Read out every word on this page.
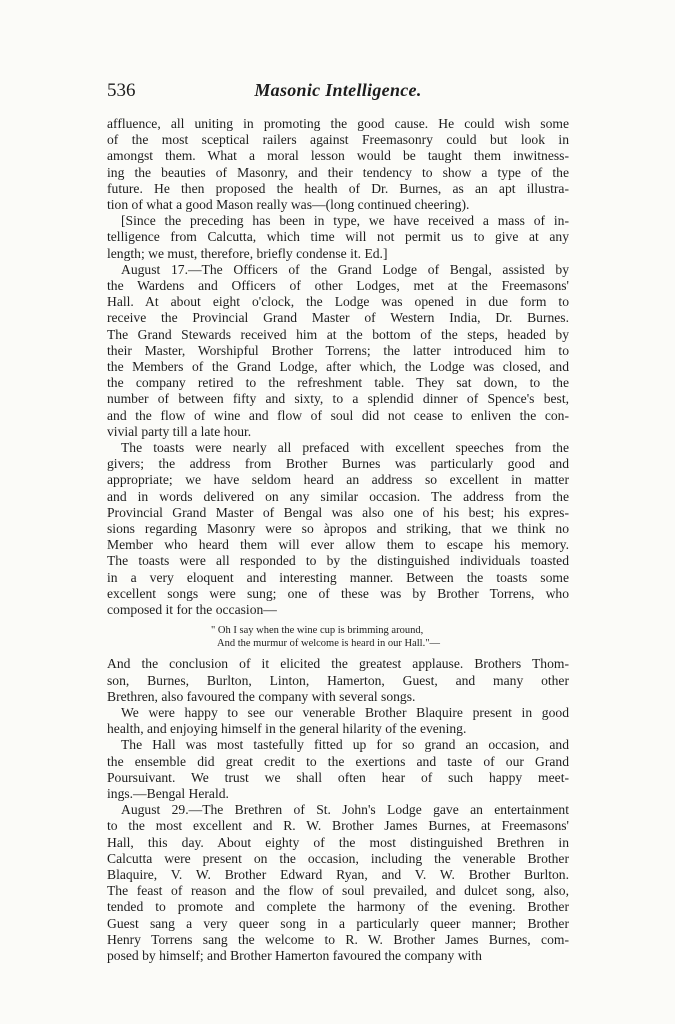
536	Masonic Intelligence.

affluence, all uniting in promoting the good cause. He could wish some
of the most sceptical railers against Freemasonry could but look in
amongst them. What a moral lesson would be taught them inwitness-
ing the beauties of Masonry, and their tendency to show a type of the
future. He then proposed the health of Dr. Burnes, as an apt illustra-
tion of what a good Mason really was—(long continued cheering).

[Since the preceding has been in type, we have received a mass of in-
telligence from Calcutta, which time will not permit us to give at any
length; we must, therefore, briefly condense it. Ed.]

August 17.—The Officers of the Grand Lodge of Bengal, assisted by
the Wardens and Officers of other Lodges, met at the Freemasons'
Hall. At about eight o'clock, the Lodge was opened in due form to
receive the Provincial Grand Master of Western India, Dr. Burnes.
The Grand Stewards received him at the bottom of the steps, headed by
their Master, Worshipful Brother Torrens; the latter introduced him to
the Members of the Grand Lodge, after which, the Lodge was closed, and
the company retired to the refreshment table. They sat down, to the
number of between fifty and sixty, to a splendid dinner of Spence's best,
and the flow of wine and flow of soul did not cease to enliven the con-
vivial party till a late hour.

The toasts were nearly all prefaced with excellent speeches from the
givers; the address from Brother Burnes was particularly good and
appropriate; we have seldom heard an address so excellent in matter
and in words delivered on any similar occasion. The address from the
Provincial Grand Master of Bengal was also one of his best; his expres-
sions regarding Masonry were so àpropos and striking, that we think no
Member who heard them will ever allow them to escape his memory.
The toasts were all responded to by the distinguished individuals toasted
in a very eloquent and interesting manner. Between the toasts some
excellent songs were sung; one of these was by Brother Torrens, who
composed it for the occasion—

" Oh I say when the wine cup is brimming around,
And the murmur of welcome is heard in our Hall."—

And the conclusion of it elicited the greatest applause. Brothers Thom-
son, Burnes, Burlton, Linton, Hamerton, Guest, and many other
Brethren, also favoured the company with several songs.

We were happy to see our venerable Brother Blaquire present in good
health, and enjoying himself in the general hilarity of the evening.

The Hall was most tastefully fitted up for so grand an occasion, and
the ensemble did great credit to the exertions and taste of our Grand
Poursuivant. We trust we shall often hear of such happy meet-
ings.—Bengal Herald.

August 29.—The Brethren of St. John's Lodge gave an entertainment
to the most excellent and R. W. Brother James Burnes, at Freemasons'
Hall, this day. About eighty of the most distinguished Brethren in
Calcutta were present on the occasion, including the venerable Brother
Blaquire, V. W. Brother Edward Ryan, and V. W. Brother Burlton.
The feast of reason and the flow of soul prevailed, and dulcet song, also,
tended to promote and complete the harmony of the evening. Brother
Guest sang a very queer song in a particularly queer manner; Brother
Henry Torrens sang the welcome to R. W. Brother James Burnes, com-
posed by himself; and Brother Hamerton favoured the company with
